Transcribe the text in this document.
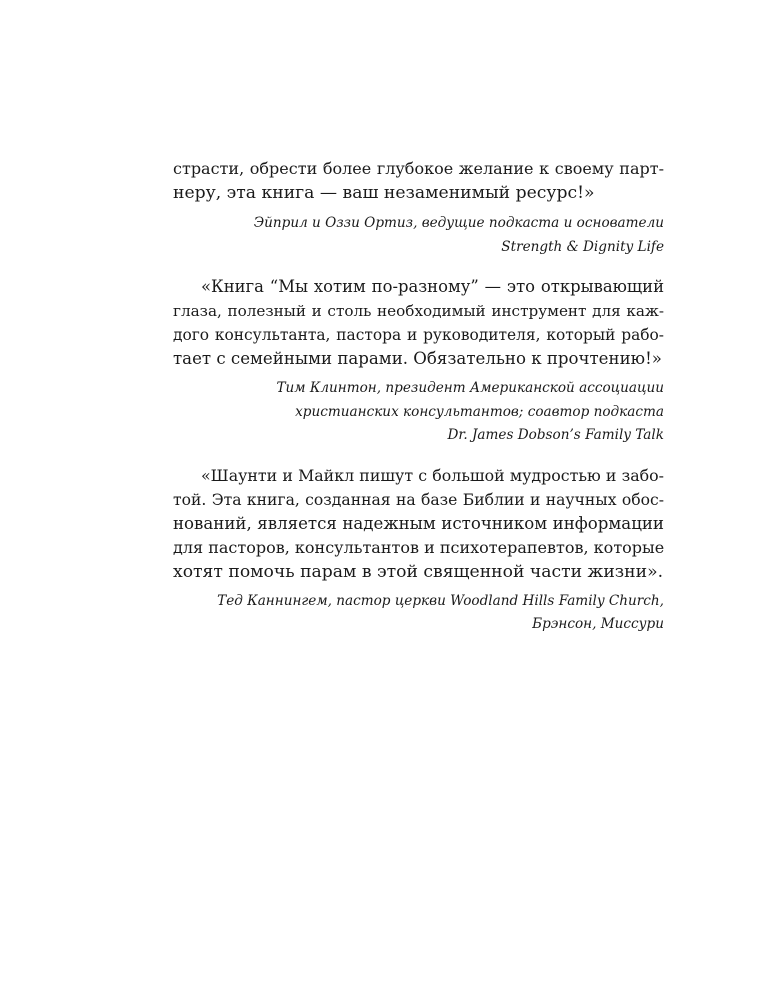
страсти, обрести более глубокое желание к своему парт-
неру, эта книга — ваш незаменимый ресурс!»

Эйприл и Оззи Ортиз, ведущие подкаста и основатели
Strength & Dignity Life

«Книга “Мы хотим по-разному” — это открывающий
глаза, полезный и столь необходимый инструмент для каж-
дого консультанта, пастора и руководителя, который рабо-
тает с семейными парами. Обязательно к прочтению!»

Тим Клинтон, президент Американской ассоциации
христианских консультантов; соавтор подкаста
Dr. James Dobson’s Family Talk

«Шаунти и Майкл пишут с большой мудростью и забо-
той. Эта книга, созданная на базе Библии и научных обос-
нований, является надежным источником информации
для пасторов, консультантов и психотерапевтов, которые
хотят помочь парам в этой священной части жизни».

Тед Каннингем, пастор церкви Woodland Hills Family Church,
Брэнсон, Миссури
